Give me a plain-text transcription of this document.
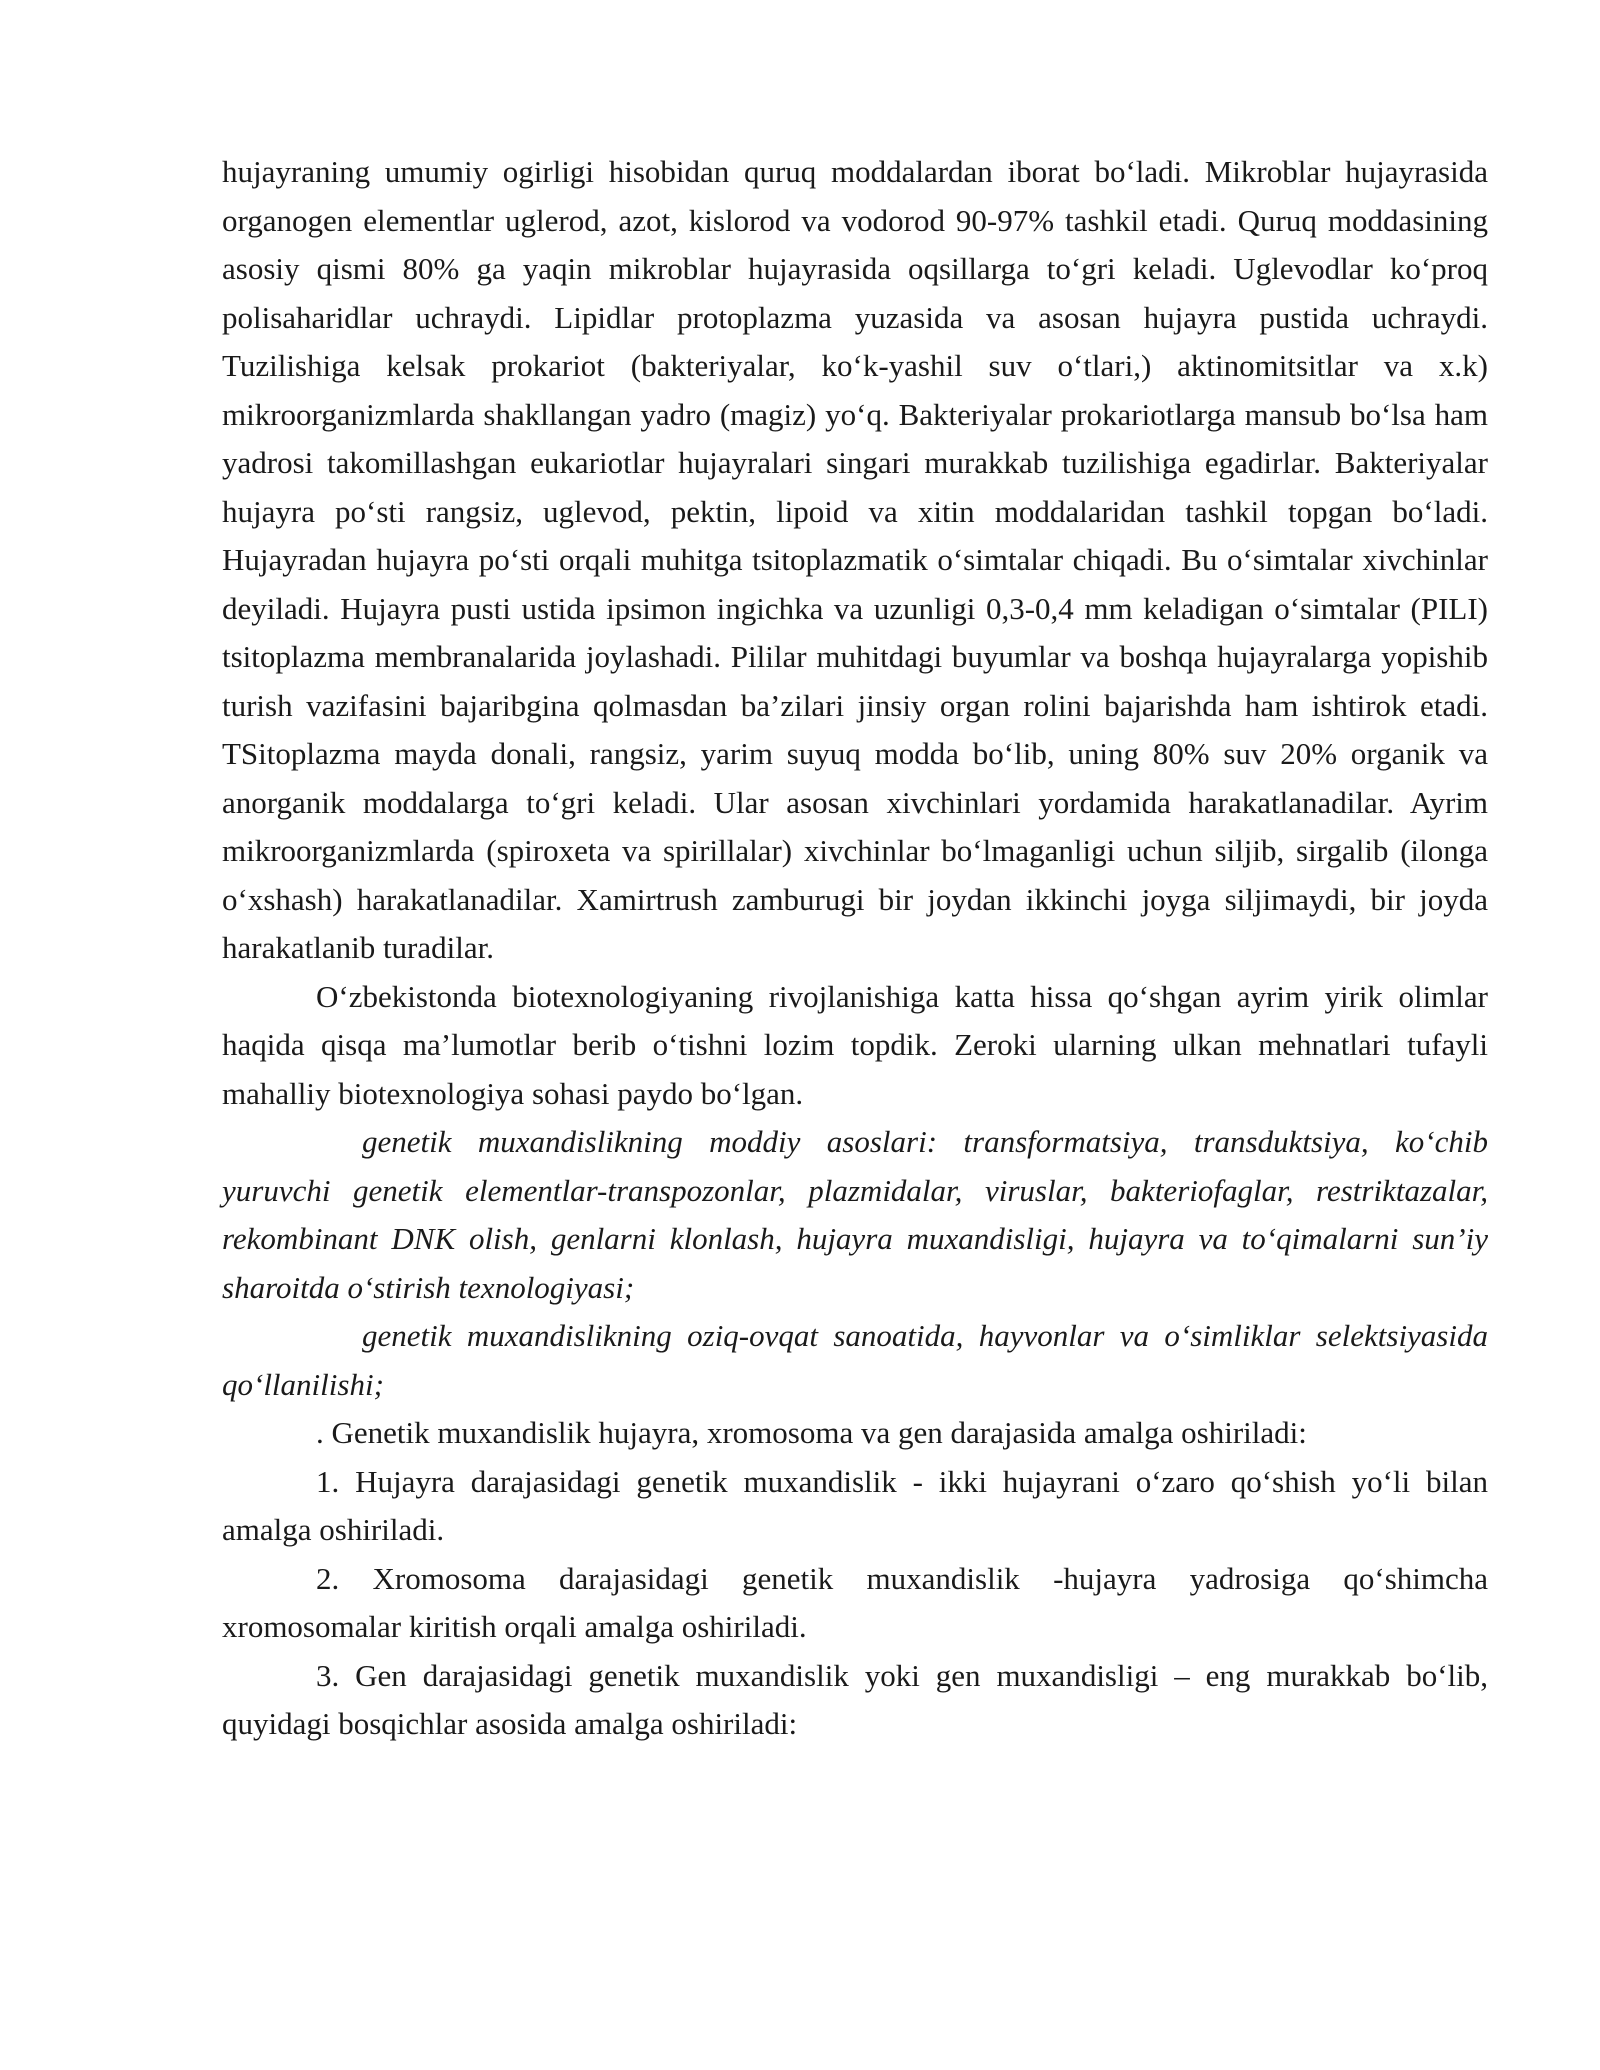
hujayraning umumiy ogirligi hisobidan quruq moddalardan iborat bo‘ladi. Mikroblar hujayrasida organogen elementlar uglerod, azot, kislorod va vodorod 90-97% tashkil etadi. Quruq moddasining asosiy qismi 80% ga yaqin mikroblar hujayrasida oqsillarga to‘gri keladi. Uglevodlar ko‘proq polisaharidlar uchraydi. Lipidlar protoplazma yuzasida va asosan hujayra pustida uchraydi. Tuzilishiga kelsak prokariot (bakteriyalar, ko‘k-yashil suv o‘tlari,) aktinomitsitlar va x.k) mikroorganizmlarda shakllangan yadro (magiz) yo‘q. Bakteriyalar prokariotlarga mansub bo‘lsa ham yadrosi takomillashgan eukariotlar hujayralari singari murakkab tuzilishiga egadirlar. Bakteriyalar hujayra po‘sti rangsiz, uglevod, pektin, lipoid va xitin moddalaridan tashkil topgan bo‘ladi. Hujayradan hujayra po‘sti orqali muhitga tsitoplazmatik o‘simtalar chiqadi. Bu o‘simtalar xivchinlar deyiladi. Hujayra pusti ustida ipsimon ingichka va uzunligi 0,3-0,4 mm keladigan o‘simtalar (PILI) tsitoplazma membranalarida joylashadi. Pililar muhitdagi buyumlar va boshqa hujayralarga yopishib turish vazifasini bajaribgina qolmasdan ba’zilari jinsiy organ rolini bajarishda ham ishtirok etadi. TSitoplazma mayda donali, rangsiz, yarim suyuq modda bo‘lib, uning 80% suv 20% organik va anorganik moddalarga to‘gri keladi. Ular asosan xivchinlari yordamida harakatlanadilar. Ayrim mikroorganizmlarda (spiroxeta va spirillalar) xivchinlar bo‘lmaganligi uchun siljib, sirgalib (ilonga o‘xshash) harakatlanadilar. Xamirtrush zamburugi bir joydan ikkinchi joyga siljimaydi, bir joyda harakatlanib turadilar.

O‘zbekistonda biotexnologiyaning rivojlanishiga katta hissa qo‘shgan ayrim yirik olimlar haqida qisqa ma’lumotlar berib o‘tishni lozim topdik. Zeroki ularning ulkan mehnatlari tufayli mahalliy biotexnologiya sohasi paydo bo‘lgan.

genetik muxandislikning moddiy asoslari: transformatsiya, transduktsiya, ko‘chib yuruvchi genetik elementlar-transpozonlar, plazmidalar, viruslar, bakteriofaglar, restriktazalar, rekombinant DNK olish, genlarni klonlash, hujayra muxandisligi, hujayra va to‘qimalarni sun’iy sharoitda o‘stirish texnologiyasi;

genetik muxandislikning oziq-ovqat sanoatida, hayvonlar va o‘simliklar selektsiyasida qo‘llanilishi;

. Genetik muxandislik hujayra, xromosoma va gen darajasida amalga oshiriladi:

1. Hujayra darajasidagi genetik muxandislik - ikki hujayrani o‘zaro qo‘shish yo‘li bilan amalga oshiriladi.

2. Xromosoma darajasidagi genetik muxandislik -hujayra yadrosiga qo‘shimcha xromosomalar kiritish orqali amalga oshiriladi.

3. Gen darajasidagi genetik muxandislik yoki gen muxandisligi – eng murakkab bo‘lib, quyidagi bosqichlar asosida amalga oshiriladi:
